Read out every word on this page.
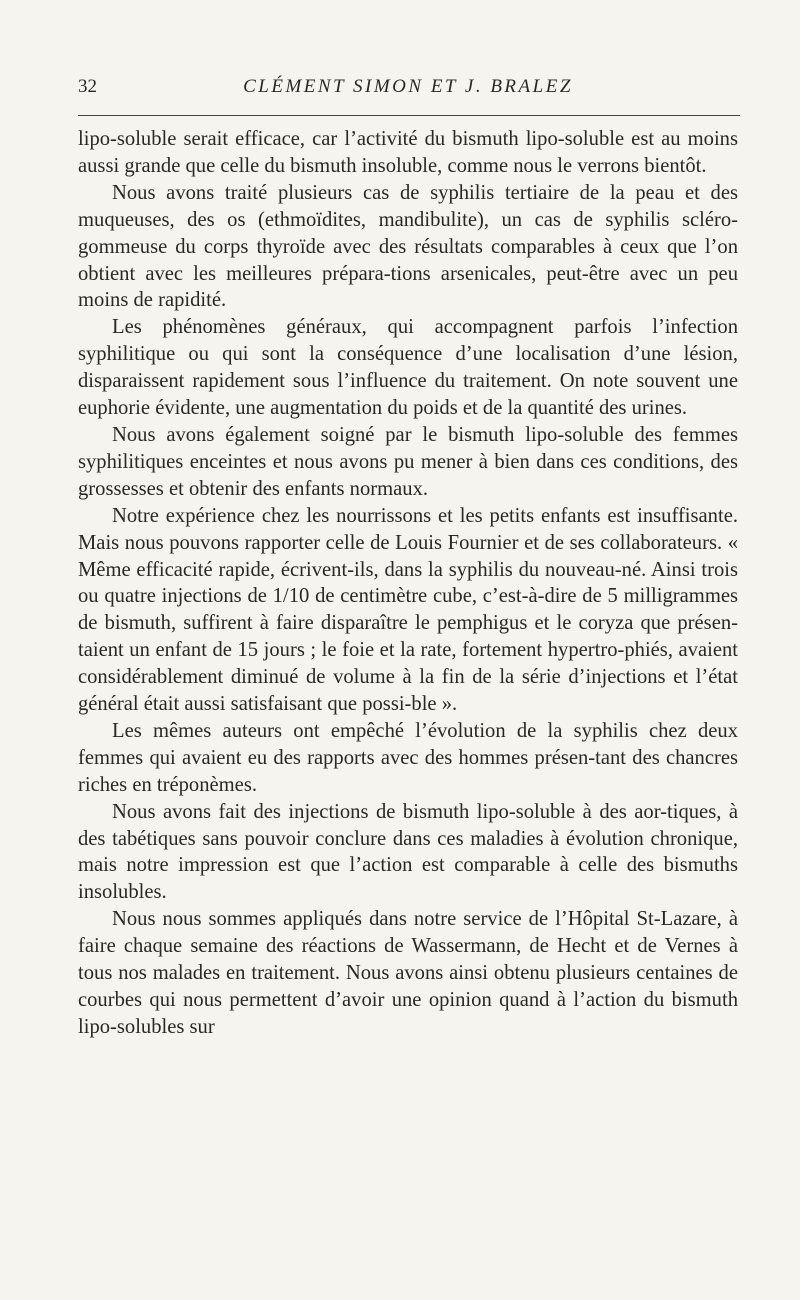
32	CLÉMENT SIMON ET J. BRALEZ

lipo-soluble serait efficace, car l’activité du bismuth lipo-soluble est au moins aussi grande que celle du bismuth insoluble, comme nous le verrons bientôt.

Nous avons traité plusieurs cas de syphilis tertiaire de la peau et des muqueuses, des os (ethmoïdites, mandibulite), un cas de syphilis scléro-gommeuse du corps thyroïde avec des résultats comparables à ceux que l’on obtient avec les meilleures prépara-tions arsenicales, peut-être avec un peu moins de rapidité.

Les phénomènes généraux, qui accompagnent parfois l’infection syphilitique ou qui sont la conséquence d’une localisation d’une lésion, disparaissent rapidement sous l’influence du traitement. On note souvent une euphorie évidente, une augmentation du poids et de la quantité des urines.

Nous avons également soigné par le bismuth lipo-soluble des femmes syphilitiques enceintes et nous avons pu mener à bien dans ces conditions, des grossesses et obtenir des enfants normaux.

Notre expérience chez les nourrissons et les petits enfants est insuffisante. Mais nous pouvons rapporter celle de Louis Fournier et de ses collaborateurs. « Même efficacité rapide, écrivent-ils, dans la syphilis du nouveau-né. Ainsi trois ou quatre injections de 1/10 de centimètre cube, c’est-à-dire de 5 milligrammes de bismuth, suffirent à faire disparaître le pemphigus et le coryza que présen-taient un enfant de 15 jours ; le foie et la rate, fortement hypertro-phiés, avaient considérablement diminué de volume à la fin de la série d’injections et l’état général était aussi satisfaisant que possi-ble ».

Les mêmes auteurs ont empêché l’évolution de la syphilis chez deux femmes qui avaient eu des rapports avec des hommes présen-tant des chancres riches en tréponèmes.

Nous avons fait des injections de bismuth lipo-soluble à des aor-tiques, à des tabétiques sans pouvoir conclure dans ces maladies à évolution chronique, mais notre impression est que l’action est comparable à celle des bismuths insolubles.

Nous nous sommes appliqués dans notre service de l’Hôpital St-Lazare, à faire chaque semaine des réactions de Wassermann, de Hecht et de Vernes à tous nos malades en traitement. Nous avons ainsi obtenu plusieurs centaines de courbes qui nous permettent d’avoir une opinion quand à l’action du bismuth lipo-solubles sur
